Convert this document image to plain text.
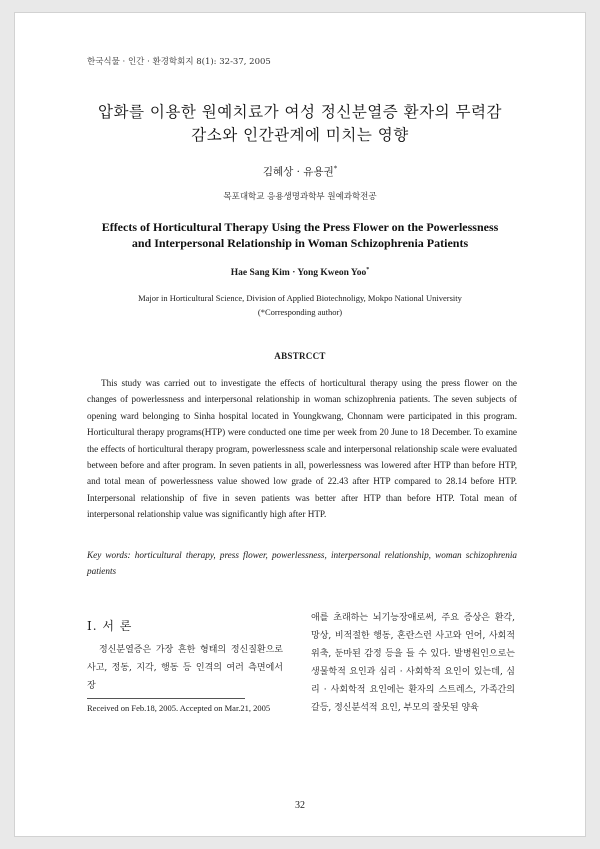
한국식물 · 인간 · 환경학회지 8(1): 32-37, 2005
압화를 이용한 원예치료가 여성 정신분열증 환자의 무력감
감소와 인간관계에 미치는 영향
김혜상 · 유용권*
목포대학교 응용생명과학부 원예과학전공
Effects of Horticultural Therapy Using the Press Flower on the Powerlessness
and Interpersonal Relationship in Woman Schizophrenia Patients
Hae Sang Kim · Yong Kweon Yoo*
Major in Horticultural Science, Division of Applied Biotechnoligy, Mokpo National University
(*Corresponding author)
ABSTRCCT
This study was carried out to investigate the effects of horticultural therapy using the press flower on the changes of powerlessness and interpersonal relationship in woman schizophrenia patients. The seven subjects of opening ward belonging to Sinha hospital located in Youngkwang, Chonnam were participated in this program. Horticultural therapy programs(HTP) were conducted one time per week from 20 June to 18 December. To examine the effects of horticultural therapy program, powerlessness scale and interpersonal relationship scale were evaluated between before and after program. In seven patients in all, powerlessness was lowered after HTP than before HTP, and total mean of powerlessness value showed low grade of 22.43 after HTP compared to 28.14 before HTP. Interpersonal relationship of five in seven patients was better after HTP than before HTP. Total mean of interpersonal relationship value was significantly high after HTP.
Key words: horticultural therapy, press flower, powerlessness, interpersonal relationship, woman schizophrenia patients
Ⅰ. 서 론
정신분열증은 가장 흔한 형태의 정신질환으로 사고, 정동, 지각, 행동 등 인격의 여러 측면에서 장
애를 초래하는 뇌기능장애로써, 주요 증상은 환각, 망상, 비적절한 행동, 혼란스런 사고와 언어, 사회적 위축, 둔마된 감정 등을 들 수 있다. 발병원인으로는 생물학적 요인과 심리 · 사회학적 요인이 있는데, 심리 · 사회학적 요인에는 환자의 스트레스, 가족간의 갈등, 정신분석적 요인, 부모의 잘못된 양육
Received on Feb.18, 2005. Accepted on Mar.21, 2005
32
